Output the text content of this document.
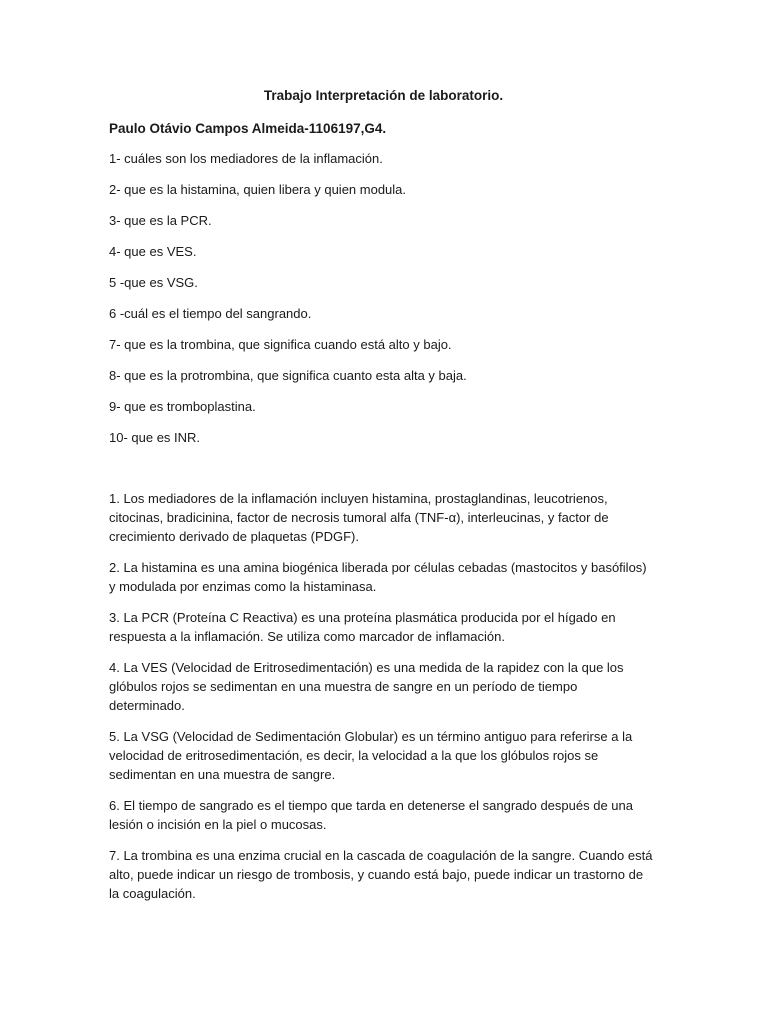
Trabajo Interpretación de laboratorio.

Paulo Otávio Campos Almeida-1106197,G4.

1- cuáles son los mediadores de la inflamación.
2- que es la histamina, quien libera y quien modula.
3- que es la PCR.
4- que es VES.
5 -que es VSG.
6 -cuál es el tiempo del sangrando.
7- que es la trombina, que significa cuando está alto y bajo.
8- que es la protrombina, que significa cuanto esta alta y baja.
9- que es tromboplastina.
10- que es INR.

1. Los mediadores de la inflamación incluyen histamina, prostaglandinas, leucotrienos, citocinas, bradicinina, factor de necrosis tumoral alfa (TNF-α), interleucinas, y factor de crecimiento derivado de plaquetas (PDGF).

2. La histamina es una amina biogénica liberada por células cebadas (mastocitos y basófilos) y modulada por enzimas como la histaminasa.

3. La PCR (Proteína C Reactiva) es una proteína plasmática producida por el hígado en respuesta a la inflamación. Se utiliza como marcador de inflamación.

4. La VES (Velocidad de Eritrosedimentación) es una medida de la rapidez con la que los glóbulos rojos se sedimentan en una muestra de sangre en un período de tiempo determinado.

5. La VSG (Velocidad de Sedimentación Globular) es un término antiguo para referirse a la velocidad de eritrosedimentación, es decir, la velocidad a la que los glóbulos rojos se sedimentan en una muestra de sangre.

6. El tiempo de sangrado es el tiempo que tarda en detenerse el sangrado después de una lesión o incisión en la piel o mucosas.

7. La trombina es una enzima crucial en la cascada de coagulación de la sangre. Cuando está alto, puede indicar un riesgo de trombosis, y cuando está bajo, puede indicar un trastorno de la coagulación.
